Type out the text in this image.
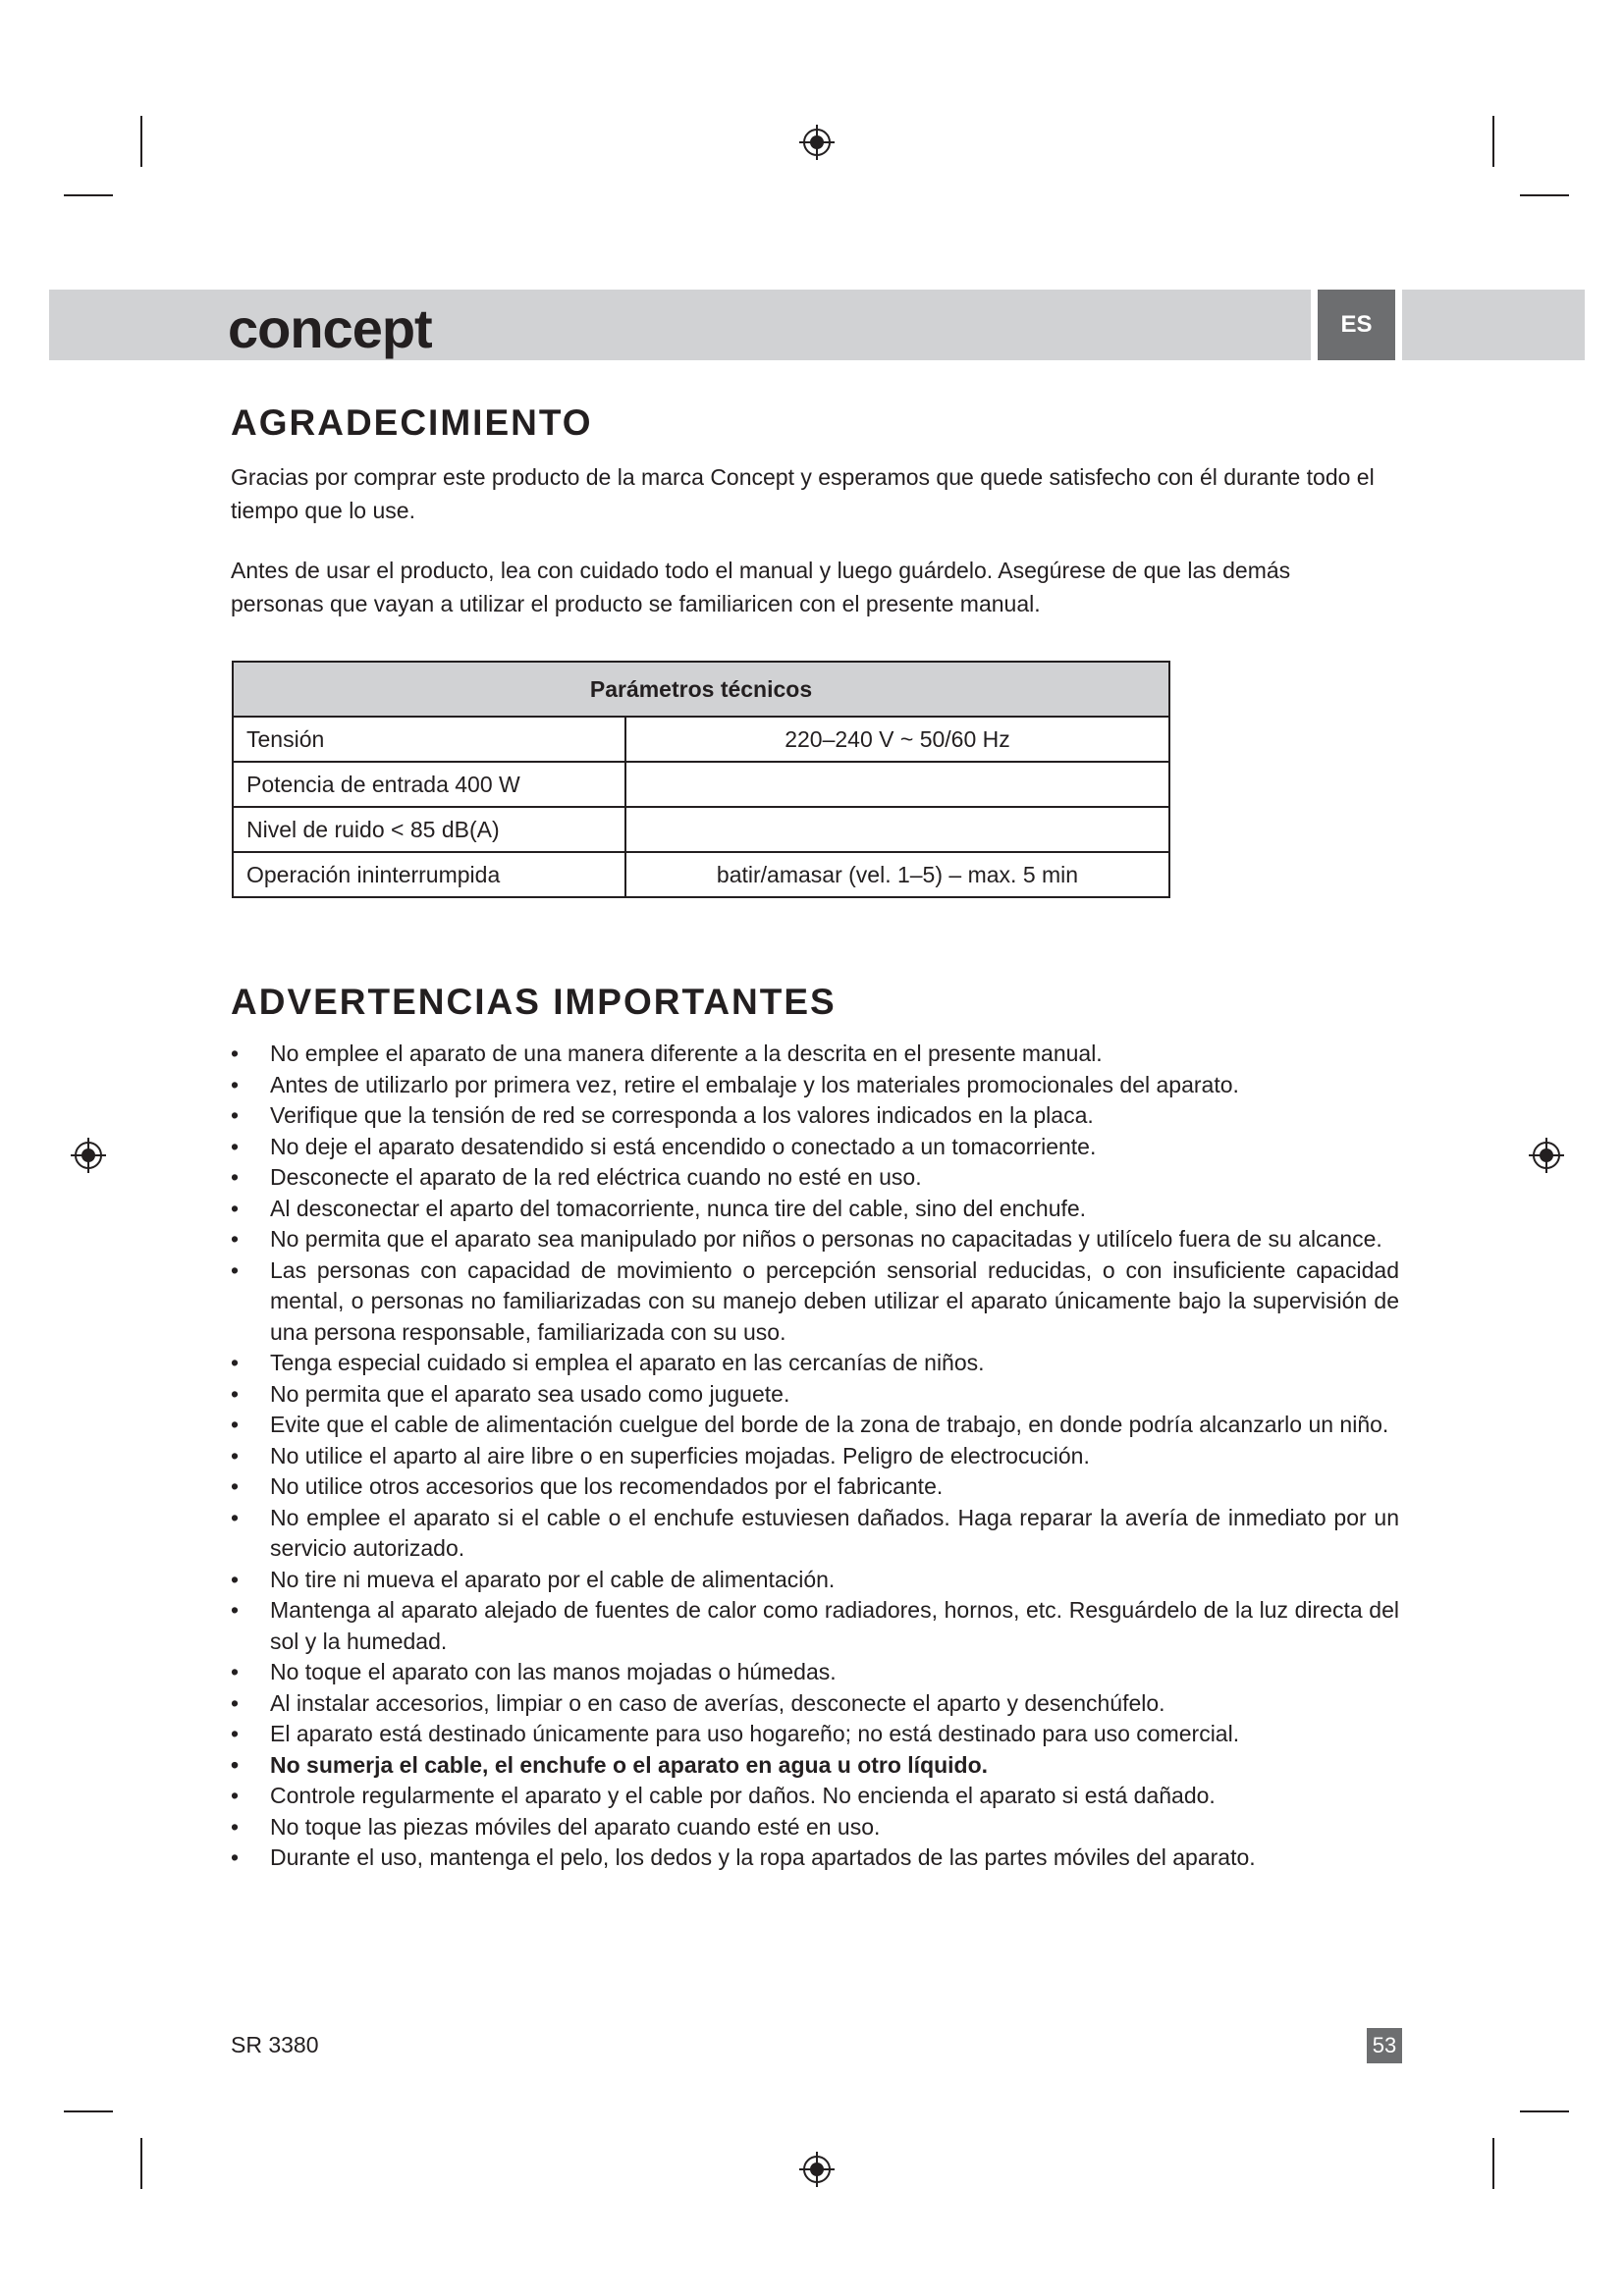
concept	ES
AGRADECIMIENTO

Gracias por comprar este producto de la marca Concept y esperamos que quede satisfecho con él durante todo el tiempo que lo use.

Antes de usar el producto, lea con cuidado todo el manual y luego guárdelo. Asegúrese de que las demás personas que vayan a utilizar el producto se familiaricen con el presente manual.

Parámetros técnicos	
Tensión	220–240 V ~ 50/60 Hz
Potencia de entrada 400 W	
Nivel de ruido < 85 dB(A)	
Operación ininterrumpida	batir/amasar (vel. 1–5) – max. 5 min
ADVERTENCIAS IMPORTANTES
• No emplee el aparato de una manera diferente a la descrita en el presente manual.
• Antes de utilizarlo por primera vez, retire el embalaje y los materiales promocionales del aparato.
• Verifique que la tensión de red se corresponda a los valores indicados en la placa.
• No deje el aparato desatendido si está encendido o conectado a un tomacorriente.
• Desconecte el aparato de la red eléctrica cuando no esté en uso.
• Al desconectar el aparto del tomacorriente, nunca tire del cable, sino del enchufe.
• No permita que el aparato sea manipulado por niños o personas no capacitadas y utilícelo fuera de su alcance.
• Las personas con capacidad de movimiento o percepción sensorial reducidas, o con insuficiente capacidad mental, o personas no familiarizadas con su manejo deben utilizar el aparato únicamente bajo la supervisión de una persona responsable, familiarizada con su uso.
• Tenga especial cuidado si emplea el aparato en las cercanías de niños.
• No permita que el aparato sea usado como juguete.
• Evite que el cable de alimentación cuelgue del borde de la zona de trabajo, en donde podría alcanzarlo un niño.
• No utilice el aparto al aire libre o en superficies mojadas. Peligro de electrocución.
• No utilice otros accesorios que los recomendados por el fabricante.
• No emplee el aparato si el cable o el enchufe estuviesen dañados. Haga reparar la avería de inmediato por un servicio autorizado.
• No tire ni mueva el aparato por el cable de alimentación.
• Mantenga al aparato alejado de fuentes de calor como radiadores, hornos, etc. Resguárdelo de la luz directa del sol y la humedad.
• No toque el aparato con las manos mojadas o húmedas.
• Al instalar accesorios, limpiar o en caso de averías, desconecte el aparto y desenchúfelo.
• El aparato está destinado únicamente para uso hogareño; no está destinado para uso comercial.
• No sumerja el cable, el enchufe o el aparato en agua u otro líquido.
• Controle regularmente el aparato y el cable por daños. No encienda el aparato si está dañado.
• No toque las piezas móviles del aparato cuando esté en uso.
• Durante el uso, mantenga el pelo, los dedos y la ropa apartados de las partes móviles del aparato.
SR 3380	53
